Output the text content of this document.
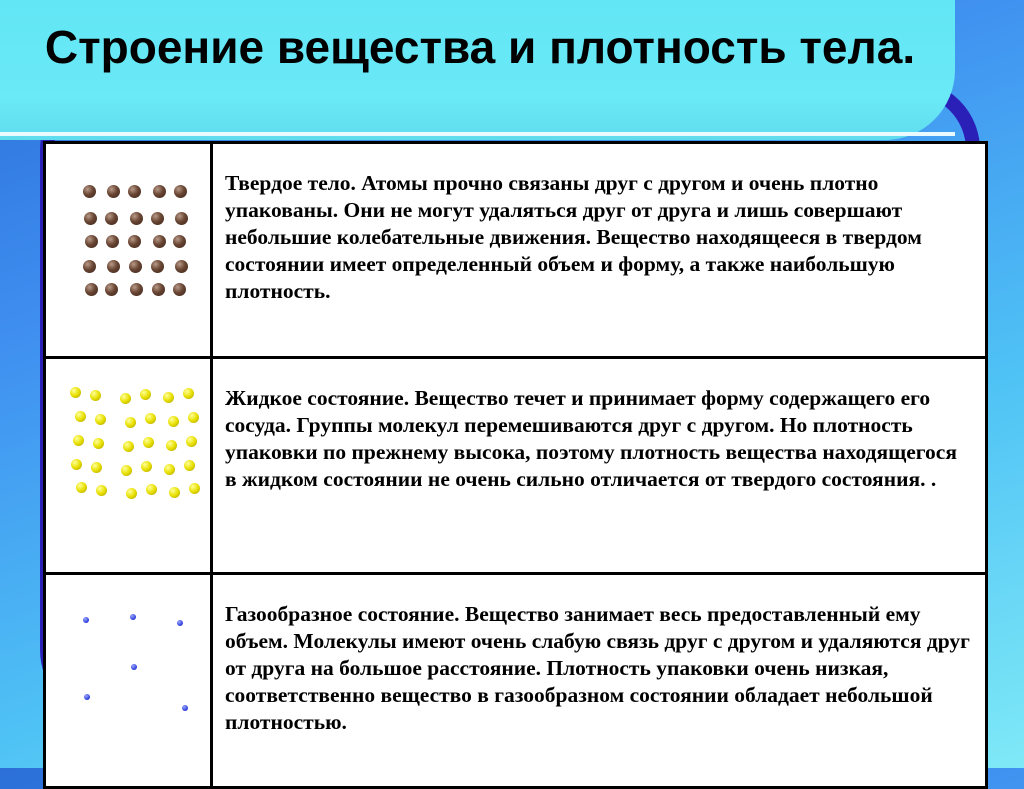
Строение вещества и плотность тела.
	Твердое тело. Атомы прочно связаны друг с другом и очень плотно упакованы. Они не могут удаляться друг от друга и лишь совершают небольшие колебательные движения. Вещество находящееся в твердом состоянии имеет определенный объем и форму, а также наибольшую плотность.

	Жидкое состояние. Вещество течет и принимает форму содержащего его сосуда. Группы молекул перемешиваются друг с другом. Но плотность упаковки по прежнему высока, поэтому плотность вещества находящегося в жидком состоянии не очень сильно отличается от твердого состояния. .

	Газообразное состояние. Вещество занимает весь предоставленный ему объем. Молекулы имеют очень слабую связь друг с другом и удаляются друг от друга на большое расстояние. Плотность упаковки очень низкая, соответственно вещество в газообразном состоянии обладает небольшой плотностью.
